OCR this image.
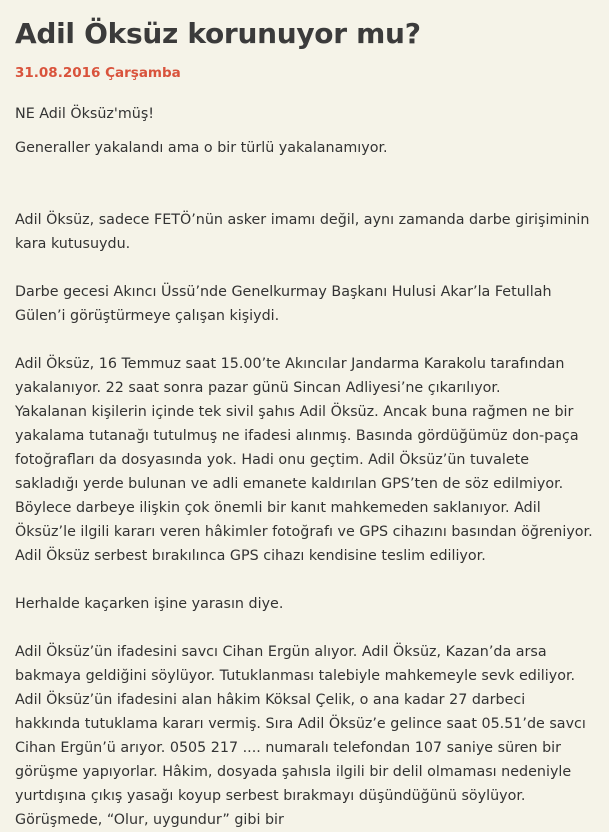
Adil Öksüz korunuyor mu?
31.08.2016 Çarşamba

NE Adil Öksüz'müş!

Generaller yakalandı ama o bir türlü yakalanamıyor.

Adil Öksüz, sadece FETÖ’nün asker imamı değil, aynı zamanda darbe girişiminin kara kutusuydu.

Darbe gecesi Akıncı Üssü’nde Genelkurmay Başkanı Hulusi Akar’la Fetullah Gülen’i görüştürmeye çalışan kişiydi.

Adil Öksüz, 16 Temmuz saat 15.00’te Akıncılar Jandarma Karakolu tarafından yakalanıyor. 22 saat sonra pazar günü Sincan Adliyesi’ne çıkarılıyor.

Yakalanan kişilerin içinde tek sivil şahıs Adil Öksüz. Ancak buna rağmen ne bir yakalama tutanağı tutulmuş ne ifadesi alınmış. Basında gördüğümüz don-paça fotoğrafları da dosyasında yok. Hadi onu geçtim. Adil Öksüz’ün tuvalete sakladığı yerde bulunan ve adli emanete kaldırılan GPS’ten de söz edilmiyor. Böylece darbeye ilişkin çok önemli bir kanıt mahkemeden saklanıyor. Adil Öksüz’le ilgili kararı veren hâkimler fotoğrafı ve GPS cihazını basından öğreniyor. Adil Öksüz serbest bırakılınca GPS cihazı kendisine teslim ediliyor.

Herhalde kaçarken işine yarasın diye.

Adil Öksüz’ün ifadesini savcı Cihan Ergün alıyor. Adil Öksüz, Kazan’da arsa bakmaya geldiğini söylüyor. Tutuklanması talebiyle mahkemeyle sevk ediliyor. Adil Öksüz’ün ifadesini alan hâkim Köksal Çelik, o ana kadar 27 darbeci hakkında tutuklama kararı vermiş. Sıra Adil Öksüz’e gelince saat 05.51’de savcı Cihan Ergün’ü arıyor. 0505 217 .... numaralı telefondan 107 saniye süren bir görüşme yapıyorlar. Hâkim, dosyada şahısla ilgili bir delil olmaması nedeniyle yurtdışına çıkış yasağı koyup serbest bırakmayı düşündüğünü söylüyor. Görüşmede, “Olur, uygundur” gibi bir
